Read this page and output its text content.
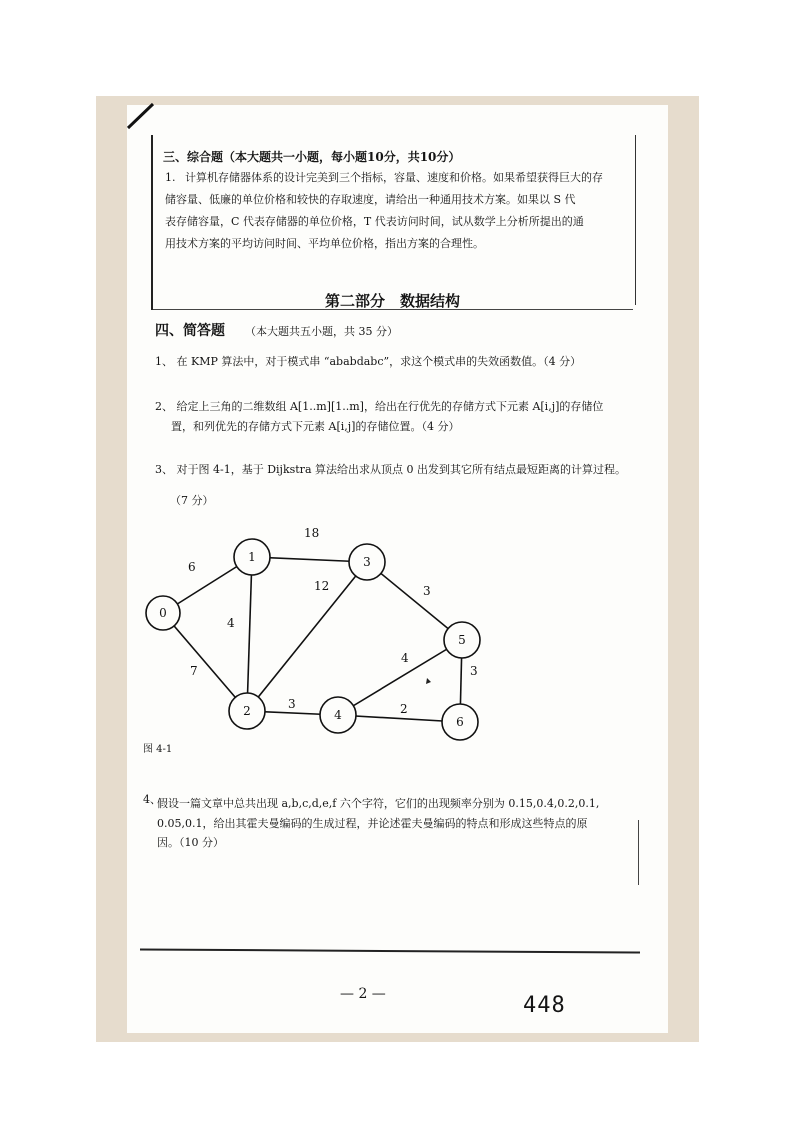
三、综合题（本大题共一小题，每小题10分，共10分）
1. 计算机存储器体系的设计完美到三个指标，容量、速度和价格。如果希望获得巨大的存
储容量、低廉的单位价格和较快的存取速度，请给出一种通用技术方案。如果以 S 代
表存储容量，C 代表存储器的单位价格，T 代表访问时间，试从数学上分析所提出的通
用技术方案的平均访问时间、平均单位价格，指出方案的合理性。
第二部分　数据结构
四、简答题 （本大题共五小题，共 35 分）
1、 在 KMP 算法中，对于模式串 “ababdabc”，求这个模式串的失效函数值。（4 分）
2、 给定上三角的二维数组 A[1..m][1..m]，给出在行优先的存储方式下元素 A[i,j]的存储位
置，和列优先的存储方式下元素 A[i,j]的存储位置。（4 分）
3、 对于图 4-1，基于 Dijkstra 算法给出求从顶点 0 出发到其它所有结点最短距离的计算过程。
（7 分）
6
7
4
18
12
3
3
4
2
3
0
1
2
3
4
5
6
图 4-1
4、
假设一篇文章中总共出现 a,b,c,d,e,f 六个字符，它们的出现频率分别为 0.15,0.4,0.2,0.1,
0.05,0.1，给出其霍夫曼编码的生成过程，并论述霍夫曼编码的特点和形成这些特点的原
因。（10 分）
— 2 —	448
